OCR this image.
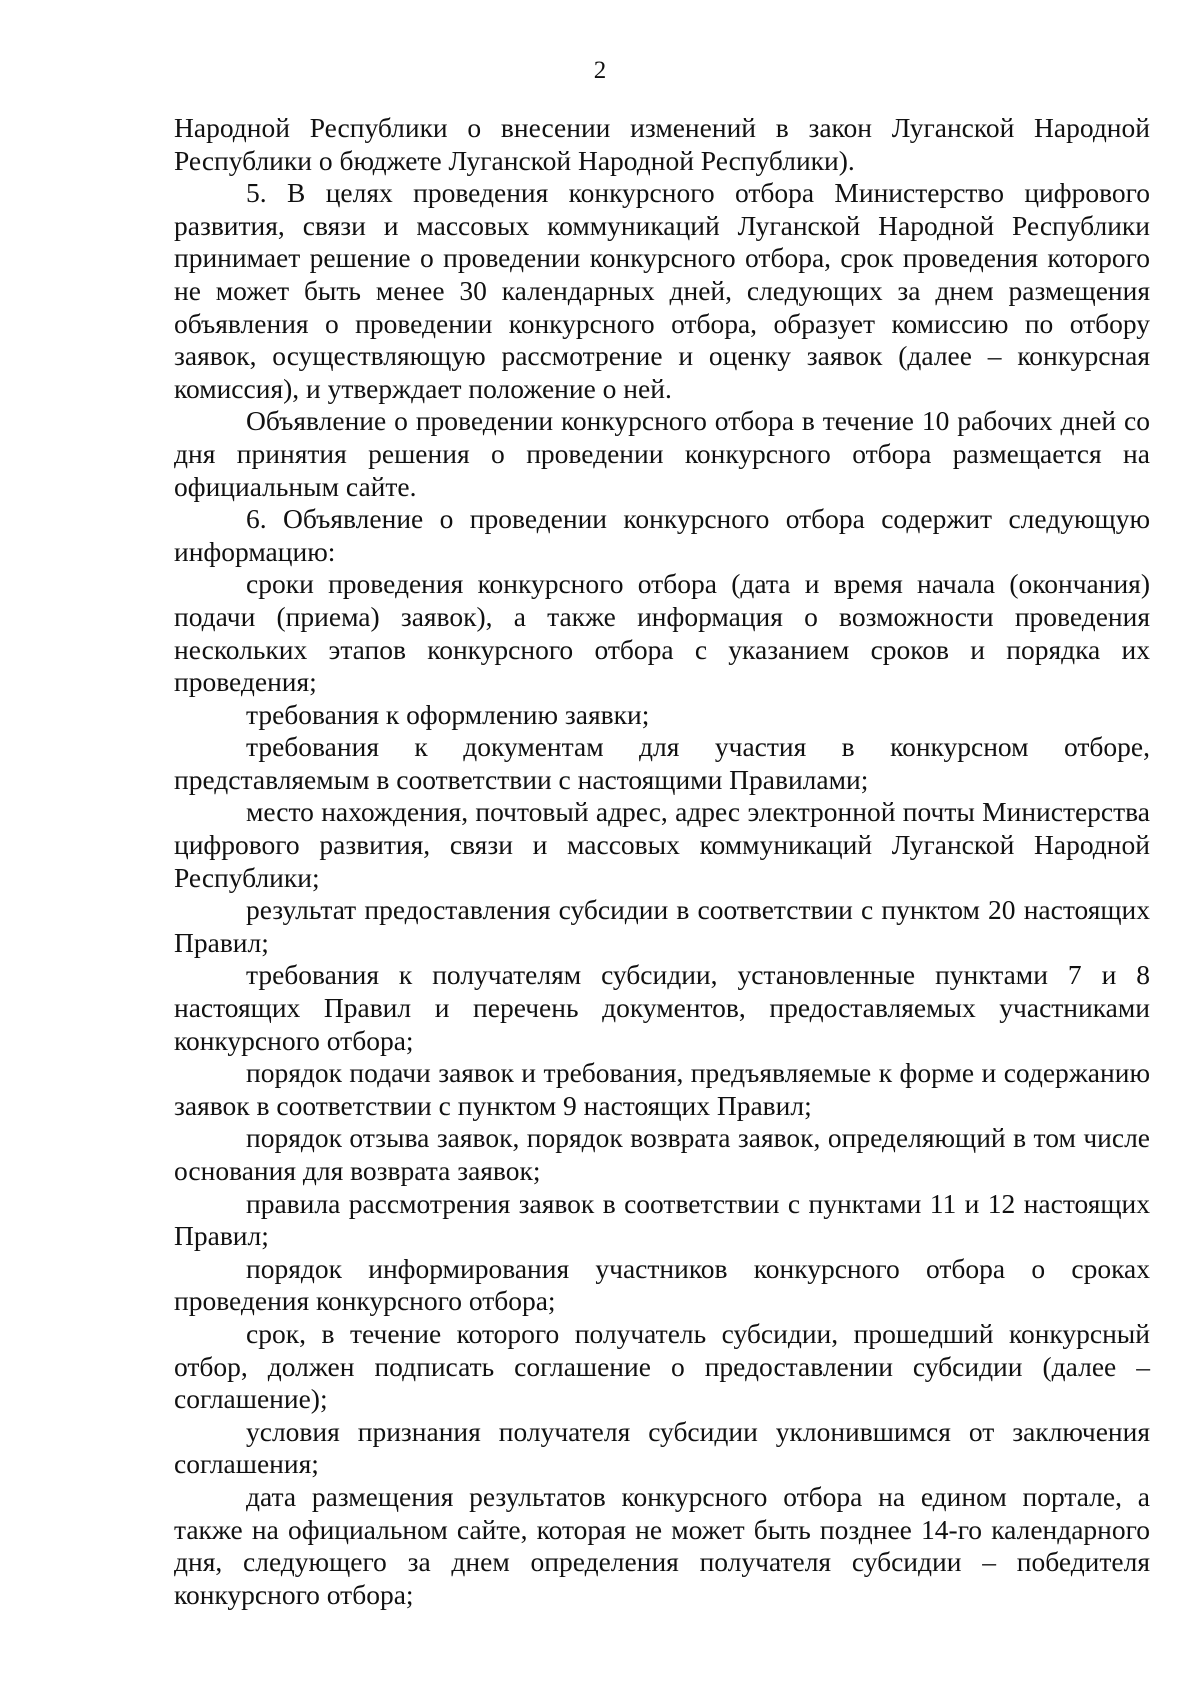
2

Народной Республики о внесении изменений в закон Луганской Народной Республики о бюджете Луганской Народной Республики).

5. В целях проведения конкурсного отбора Министерство цифрового развития, связи и массовых коммуникаций Луганской Народной Республики принимает решение о проведении конкурсного отбора, срок проведения которого не может быть менее 30 календарных дней, следующих за днем размещения объявления о проведении конкурсного отбора, образует комиссию по отбору заявок, осуществляющую рассмотрение и оценку заявок (далее – конкурсная комиссия), и утверждает положение о ней.

Объявление о проведении конкурсного отбора в течение 10 рабочих дней со дня принятия решения о проведении конкурсного отбора размещается на официальным сайте.

6. Объявление о проведении конкурсного отбора содержит следующую информацию:

сроки проведения конкурсного отбора (дата и время начала (окончания) подачи (приема) заявок), а также информация о возможности проведения нескольких этапов конкурсного отбора с указанием сроков и порядка их проведения;

требования к оформлению заявки;

требования к документам для участия в конкурсном отборе, представляемым в соответствии с настоящими Правилами;

место нахождения, почтовый адрес, адрес электронной почты Министерства цифрового развития, связи и массовых коммуникаций Луганской Народной Республики;

результат предоставления субсидии в соответствии с пунктом 20 настоящих Правил;

требования к получателям субсидии, установленные пунктами 7 и 8 настоящих Правил и перечень документов, предоставляемых участниками конкурсного отбора;

порядок подачи заявок и требования, предъявляемые к форме и содержанию заявок в соответствии с пунктом 9 настоящих Правил;

порядок отзыва заявок, порядок возврата заявок, определяющий в том числе основания для возврата заявок;

правила рассмотрения заявок в соответствии с пунктами 11 и 12 настоящих Правил;

порядок информирования участников конкурсного отбора о сроках проведения конкурсного отбора;

срок, в течение которого получатель субсидии, прошедший конкурсный отбор, должен подписать соглашение о предоставлении субсидии (далее – соглашение);

условия признания получателя субсидии уклонившимся от заключения соглашения;

дата размещения результатов конкурсного отбора на едином портале, а также на официальном сайте, которая не может быть позднее 14-го календарного дня, следующего за днем определения получателя субсидии – победителя конкурсного отбора;
